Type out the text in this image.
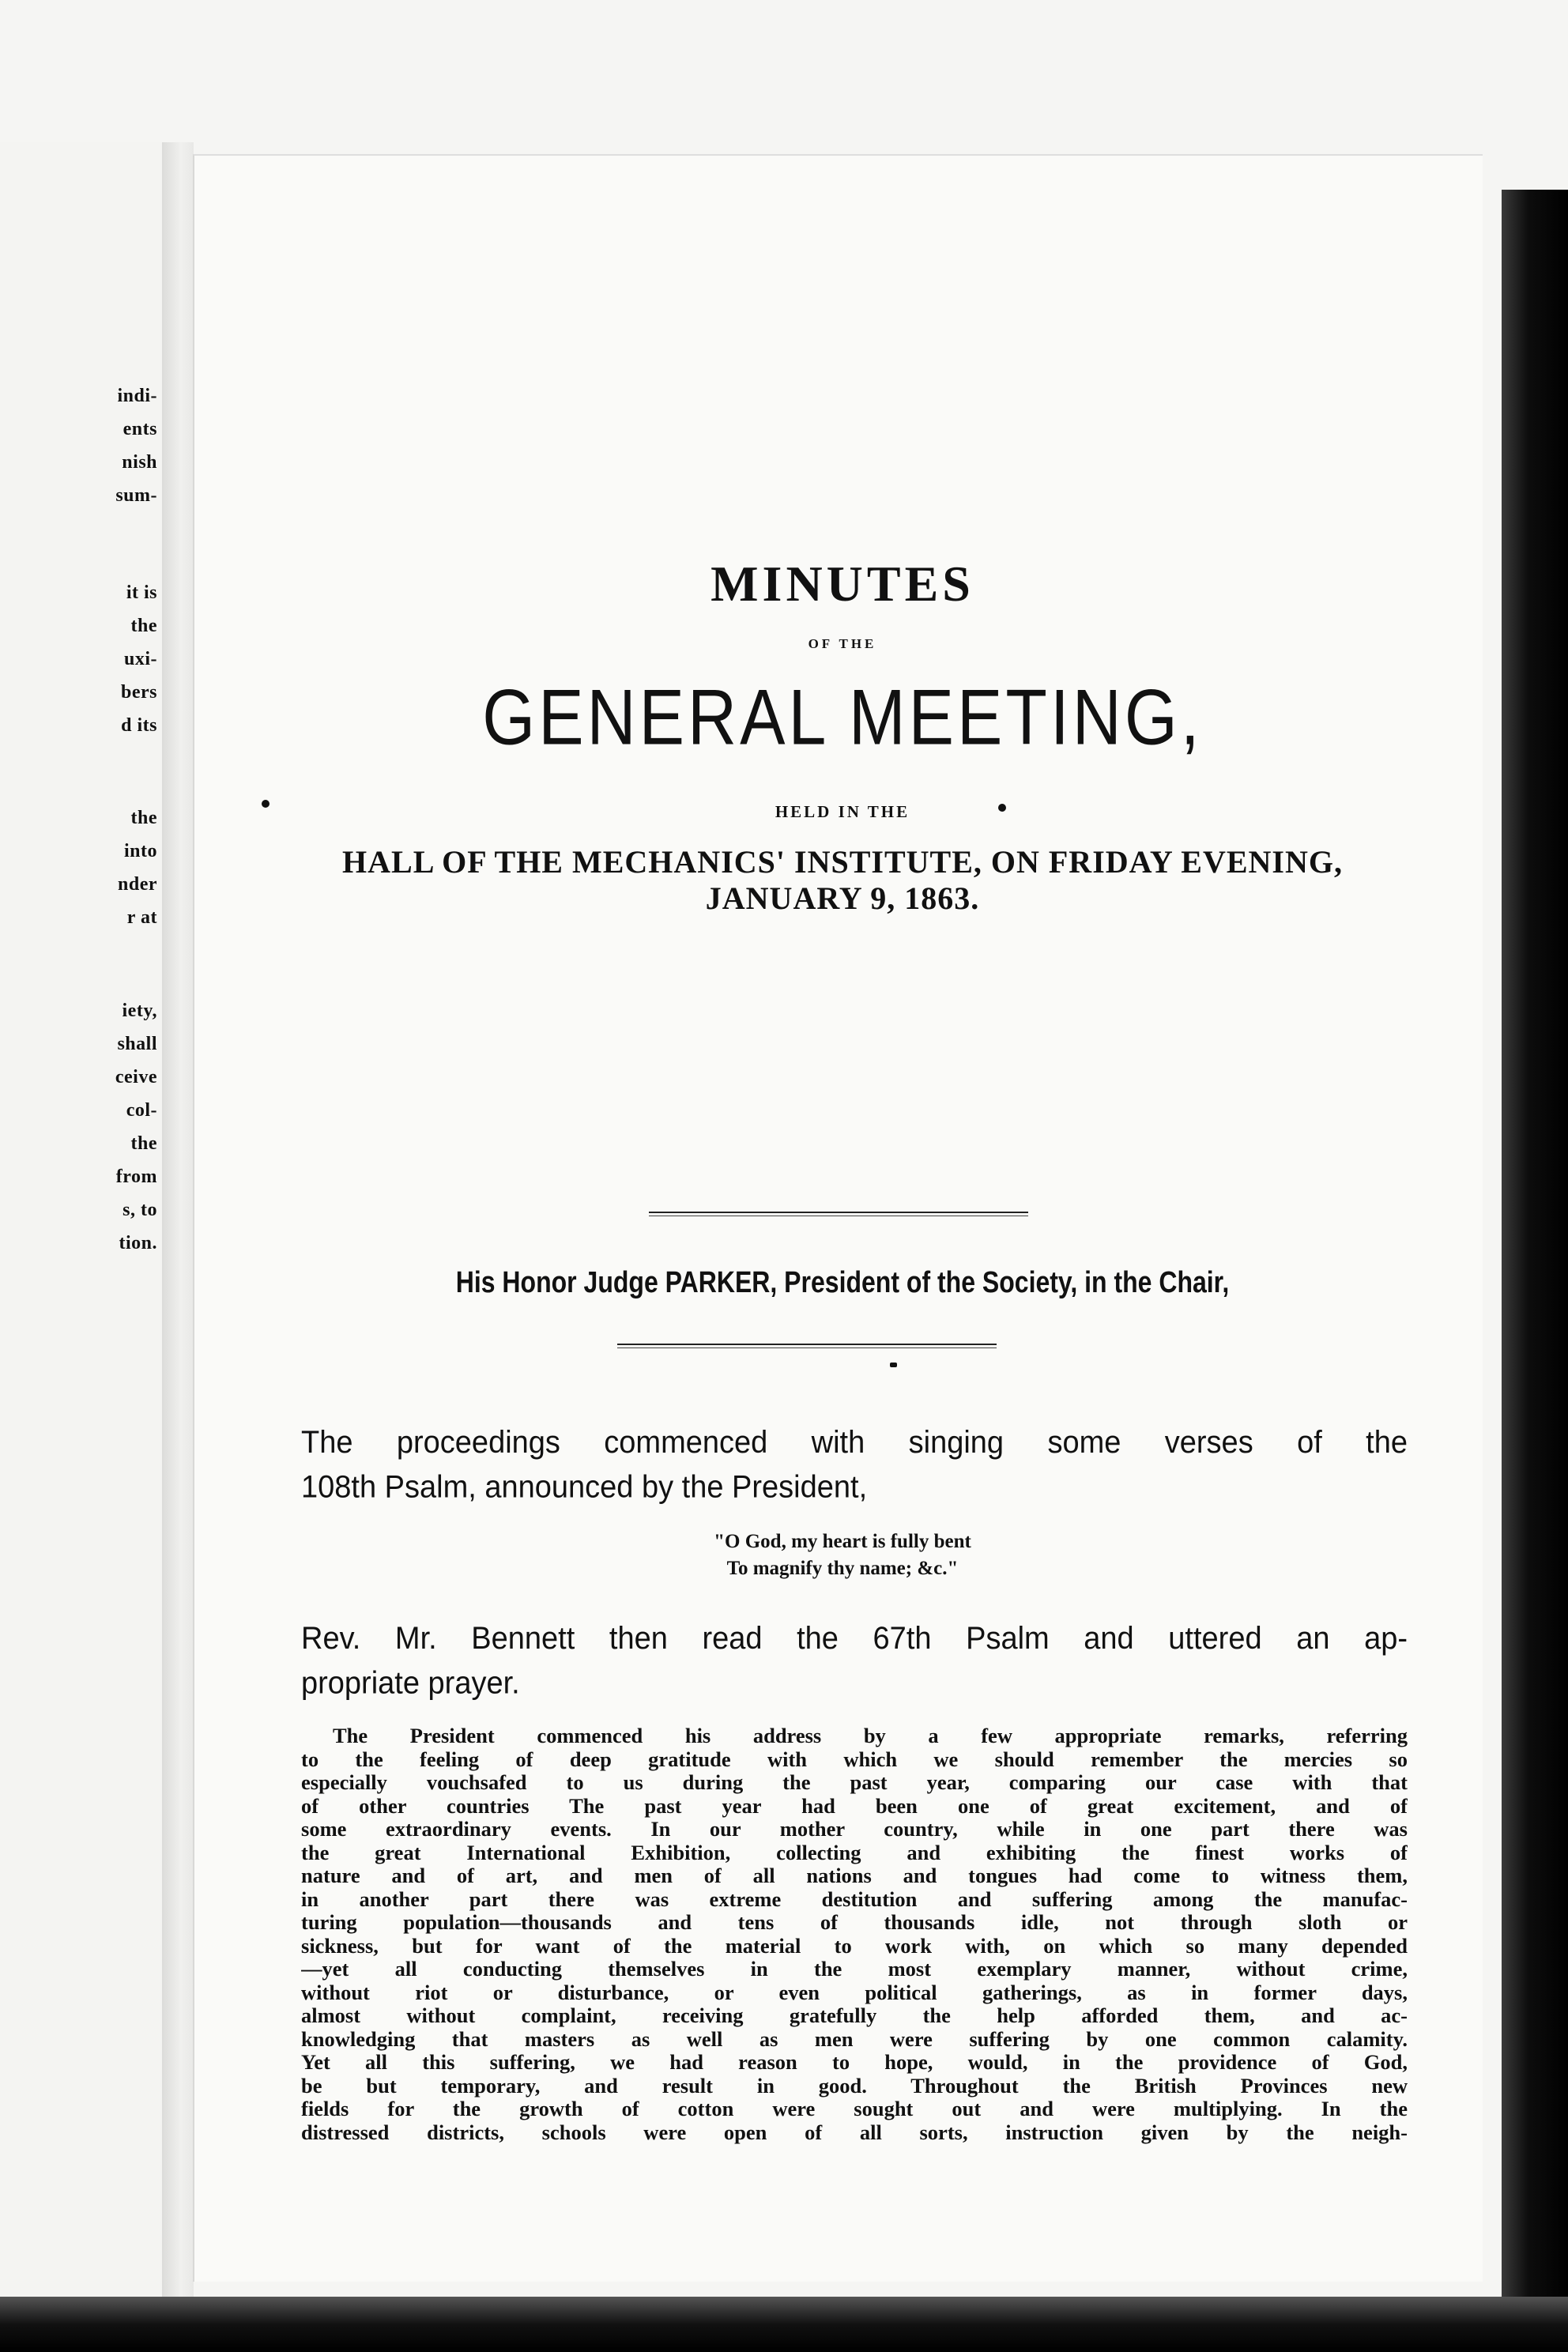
indi-
ents
nish
sum-
it is
the
uxi-
bers
d its
the
into
nder
r at
iety,
shall
ceive
col-
the
from
s, to
tion.
MINUTES
OF THE
GENERAL MEETING,
HELD IN THE
HALL OF THE MECHANICS' INSTITUTE, ON FRIDAY EVENING,
JANUARY 9, 1863.
His Honor Judge PARKER, President of the Society, in the Chair,
The proceedings commenced with singing some verses of the
108th Psalm, announced by the President,
"O God, my heart is fully bent
To magnify thy name; &c."
Rev. Mr. Bennett then read the 67th Psalm and uttered an ap-
propriate prayer.
The President commenced his address by a few appropriate remarks, referring
to the feeling of deep gratitude with which we should remember the mercies so
especially vouchsafed to us during the past year, comparing our case with that
of other countries The past year had been one of great excitement, and of
some extraordinary events. In our mother country, while in one part there was
the great International Exhibition, collecting and exhibiting the finest works of
nature and of art, and men of all nations and tongues had come to witness them,
in another part there was extreme destitution and suffering among the manufac-
turing population—thousands and tens of thousands idle, not through sloth or
sickness, but for want of the material to work with, on which so many depended
—yet all conducting themselves in the most exemplary manner, without crime,
without riot or disturbance, or even political gatherings, as in former days,
almost without complaint, receiving gratefully the help afforded them, and ac-
knowledging that masters as well as men were suffering by one common calamity.
Yet all this suffering, we had reason to hope, would, in the providence of God,
be but temporary, and result in good. Throughout the British Provinces new
fields for the growth of cotton were sought out and were multiplying. In the
distressed districts, schools were open of all sorts, instruction given by the neigh-
